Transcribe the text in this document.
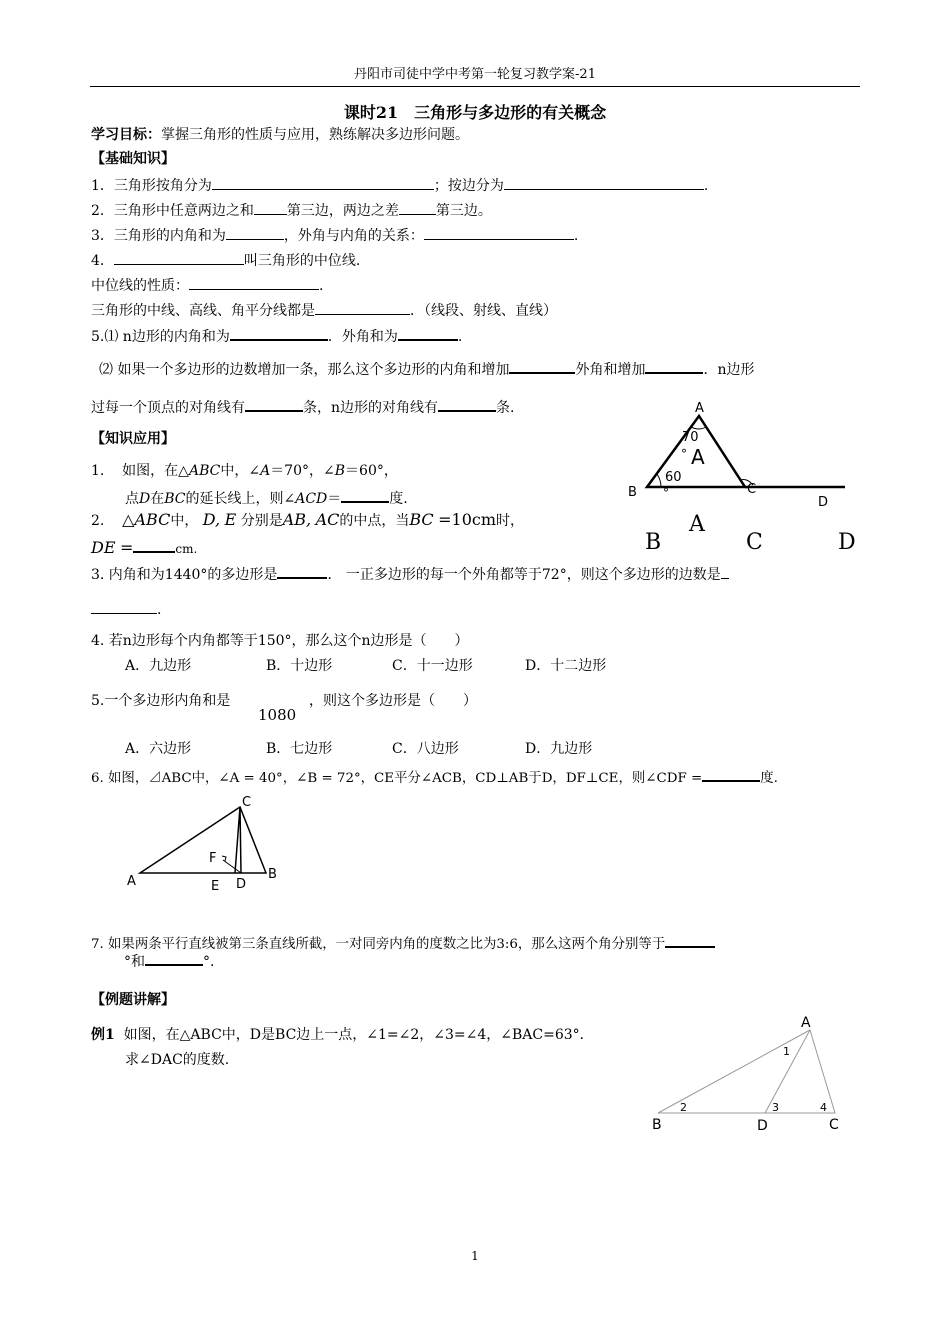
丹阳市司徒中学中考第一轮复习教学案-21
课时21　三角形与多边形的有关概念
学习目标：掌握三角形的性质与应用，熟练解决多边形问题。
【基础知识】
1．三角形按角分为	；按边分为	.
2．三角形中任意两边之和 第三边，两边之差	第三边。
3．三角形的内角和为	，外角与内角的关系：	.
4．	叫三角形的中位线.
中位线的性质：	.
三角形的中线、高线、角平分线都是	．（线段、射线、直线）
5.⑴ n边形的内角和为	．外角和为	.
⑵ 如果一个多边形的边数增加一条，那么这个多边形的内角和增加	外角和增加	．n边形
过每一个顶点的对角线有	条，n边形的对角线有	条.
【知识应用】
1. 如图，在△ABC中，∠A＝70°，∠B＝60°，
点D在BC的延长线上，则∠ACD＝	度.
2. △ABC中， D, E 分别是AB, AC的中点，当BC =10cm时，
DE =	cm.
3. 内角和为1440°的多边形是	． 一正多边形的每一个外角都等于72°，则这个多边形的边数是
.
4. 若n边形每个内角都等于150°，那么这个n边形是（　　）
A．九边形	B．十边形	C．十一边形	D．十二边形
5.一个多边形内角和是
1080
，则这个多边形是（　　）
A．六边形	B．七边形	C．八边形	D．九边形
6. 如图，⊿ABC中，∠A = 40°，∠B = 72°，CE平分∠ACB，CD⊥AB于D，DF⊥CE，则∠CDF =	度.
7. 如果两条平行直线被第三条直线所截，一对同旁内角的度数之比为3:6，那么这两个角分别等于
°和	°.
【例题讲解】
例1 如图，在△ABC中，D是BC边上一点，∠1=∠2，∠3=∠4，∠BAC=63°．
求∠DAC的度数.
A
B	C
D
70
° A
60
°
A
B	C	D
C
A	B
D
E
F
A
B	D	C
1
2	3	4
1
